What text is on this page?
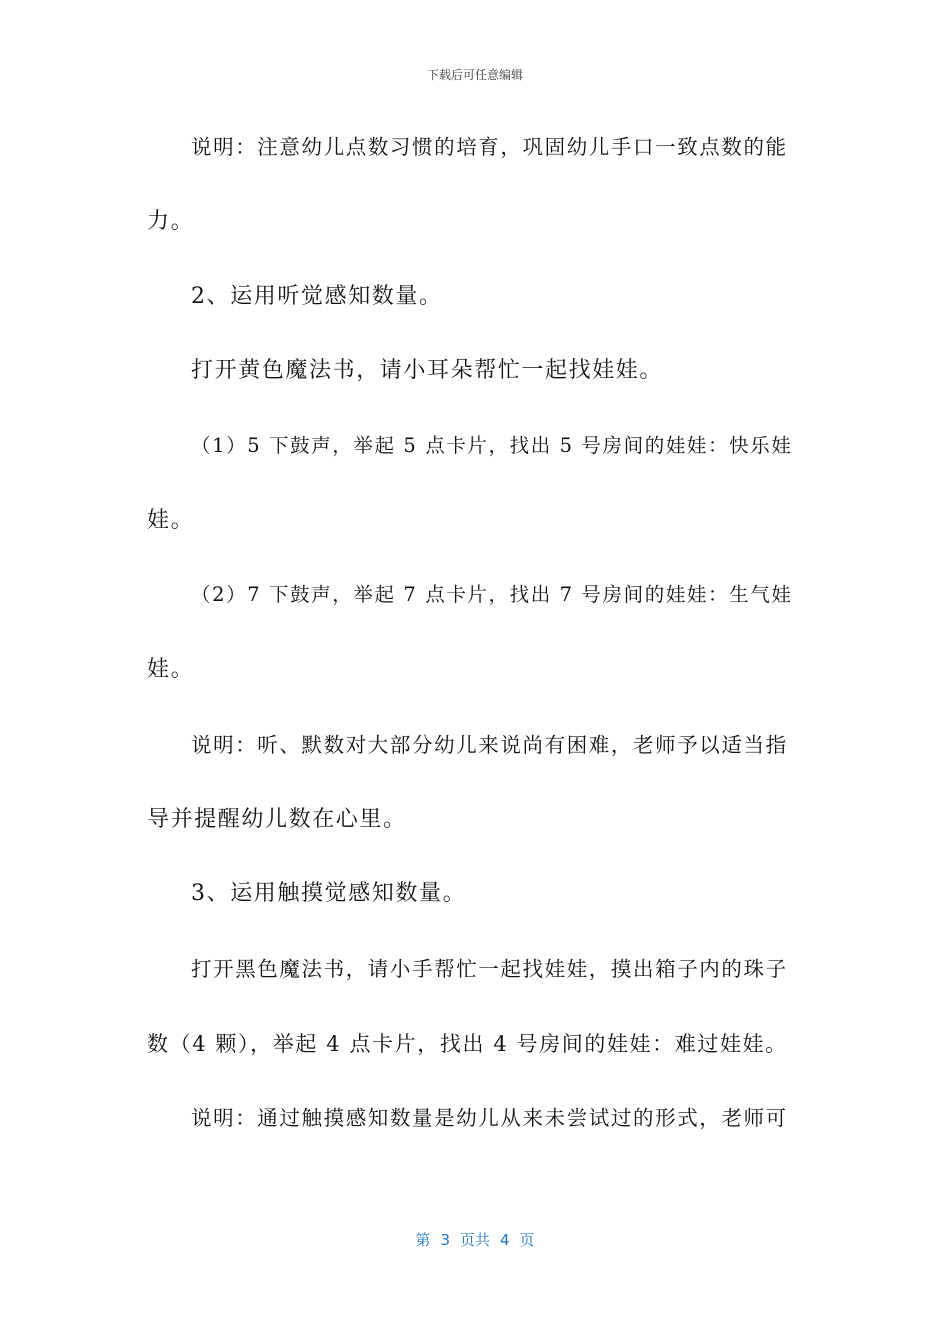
下载后可任意编辑
说明：注意幼儿点数习惯的培育，巩固幼儿手口一致点数的能
力。
2、运用听觉感知数量。
打开黄色魔法书，请小耳朵帮忙一起找娃娃。
（1）5 下鼓声，举起 5 点卡片，找出 5 号房间的娃娃：快乐娃
娃。
（2）7 下鼓声，举起 7 点卡片，找出 7 号房间的娃娃：生气娃
娃。
说明：听、默数对大部分幼儿来说尚有困难，老师予以适当指
导并提醒幼儿数在心里。
3、运用触摸觉感知数量。
打开黑色魔法书，请小手帮忙一起找娃娃，摸出箱子内的珠子
数（4 颗），举起 4 点卡片，找出 4 号房间的娃娃：难过娃娃。
说明：通过触摸感知数量是幼儿从来未尝试过的形式，老师可
第 3 页共 4 页
